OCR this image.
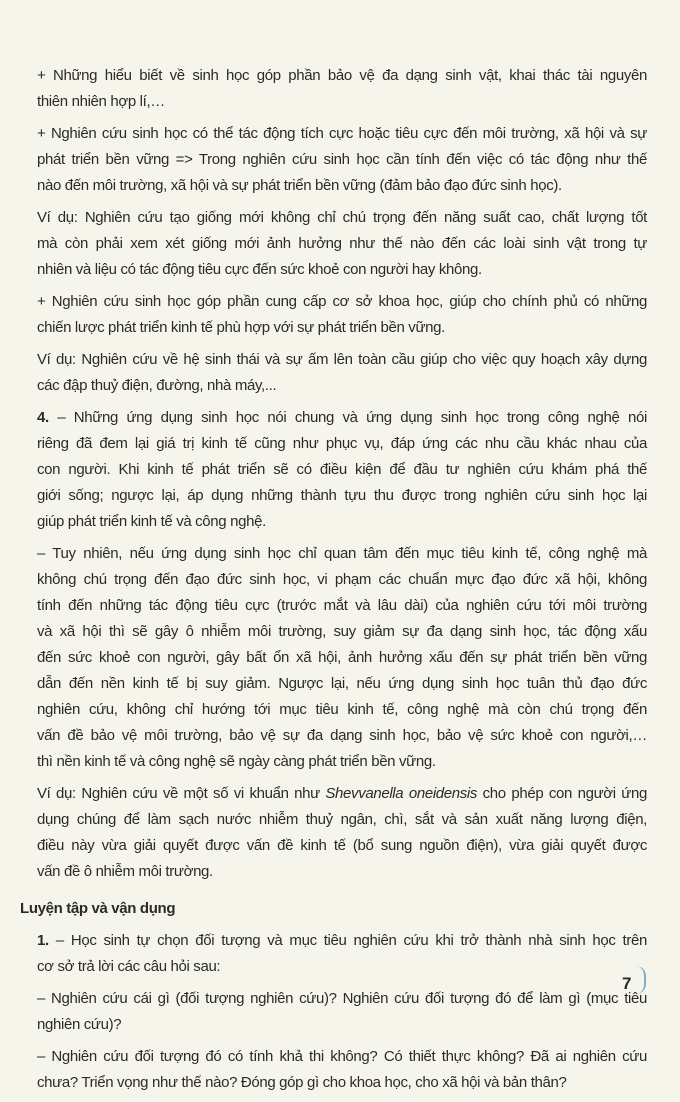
+ Những hiểu biết về sinh học góp phần bảo vệ đa dạng sinh vật, khai thác tài nguyên
thiên nhiên hợp lí,…
+ Nghiên cứu sinh học có thể tác động tích cực hoặc tiêu cực đến môi trường, xã hội và sự
phát triển bền vững => Trong nghiên cứu sinh học cần tính đến việc có tác động như thế
nào đến môi trường, xã hội và sự phát triển bền vững (đảm bảo đạo đức sinh học).
Ví dụ: Nghiên cứu tạo giống mới không chỉ chú trọng đến năng suất cao, chất lượng tốt
mà còn phải xem xét giống mới ảnh hưởng như thế nào đến các loài sinh vật trong tự
nhiên và liệu có tác động tiêu cực đến sức khoẻ con người hay không.
+ Nghiên cứu sinh học góp phần cung cấp cơ sở khoa học, giúp cho chính phủ có những
chiến lược phát triển kinh tế phù hợp với sự phát triển bền vững.
Ví dụ: Nghiên cứu về hệ sinh thái và sự ấm lên toàn cầu giúp cho việc quy hoạch xây dựng
các đập thuỷ điện, đường, nhà máy,...
4. – Những ứng dụng sinh học nói chung và ứng dụng sinh học trong công nghệ nói
riêng đã đem lại giá trị kinh tế cũng như phục vụ, đáp ứng các nhu cầu khác nhau của
con người. Khi kinh tế phát triển sẽ có điều kiện để đầu tư nghiên cứu khám phá thế
giới sống; ngược lại, áp dụng những thành tựu thu được trong nghiên cứu sinh học lại
giúp phát triển kinh tế và công nghệ.
– Tuy nhiên, nếu ứng dụng sinh học chỉ quan tâm đến mục tiêu kinh tế, công nghệ mà
không chú trọng đến đạo đức sinh học, vi phạm các chuẩn mực đạo đức xã hội, không
tính đến những tác động tiêu cực (trước mắt và lâu dài) của nghiên cứu tới môi trường
và xã hội thì sẽ gây ô nhiễm môi trường, suy giảm sự đa dạng sinh học, tác động xấu
đến sức khoẻ con người, gây bất ổn xã hội, ảnh hưởng xấu đến sự phát triển bền vững
dẫn đến nền kinh tế bị suy giảm. Ngược lại, nếu ứng dụng sinh học tuân thủ đạo đức
nghiên cứu, không chỉ hướng tới mục tiêu kinh tế, công nghệ mà còn chú trọng đến
vấn đề bảo vệ môi trường, bảo vệ sự đa dạng sinh học, bảo vệ sức khoẻ con người,…
thì nền kinh tế và công nghệ sẽ ngày càng phát triển bền vững.
Ví dụ: Nghiên cứu về một số vi khuẩn như Shevvanella oneidensis cho phép con người ứng
dụng chúng để làm sạch nước nhiễm thuỷ ngân, chì, sắt và sản xuất năng lượng điện,
điều này vừa giải quyết được vấn đề kinh tế (bổ sung nguồn điện), vừa giải quyết được
vấn đề ô nhiễm môi trường.
Luyện tập và vận dụng
1. – Học sinh tự chọn đối tượng và mục tiêu nghiên cứu khi trở thành nhà sinh học trên
cơ sở trả lời các câu hỏi sau:
– Nghiên cứu cái gì (đối tượng nghiên cứu)? Nghiên cứu đối tượng đó để làm gì (mục tiêu
nghiên cứu)?
– Nghiên cứu đối tượng đó có tính khả thi không? Có thiết thực không? Đã ai nghiên cứu
chưa? Triển vọng như thế nào? Đóng góp gì cho khoa học, cho xã hội và bản thân?
7
